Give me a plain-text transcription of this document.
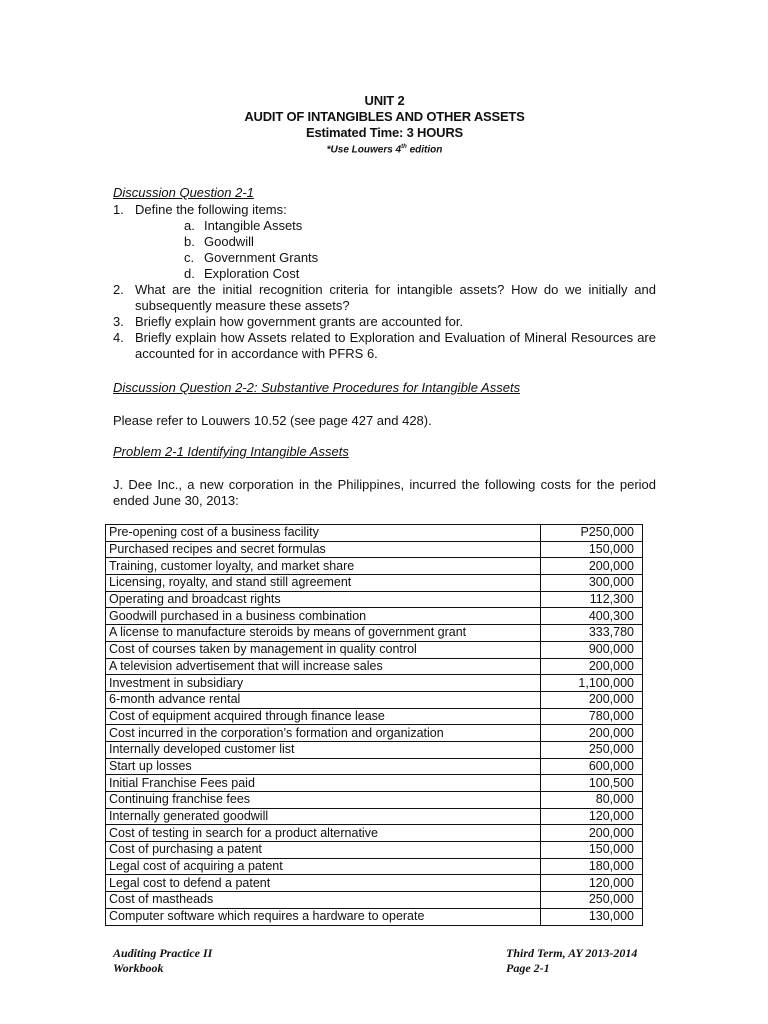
UNIT 2
AUDIT OF INTANGIBLES AND OTHER ASSETS
Estimated Time: 3 HOURS
*Use Louwers 4th edition
Discussion Question 2-1
1. Define the following items:
a. Intangible Assets
b. Goodwill
c. Government Grants
d. Exploration Cost
2. What are the initial recognition criteria for intangible assets? How do we initially and subsequently measure these assets?
3. Briefly explain how government grants are accounted for.
4. Briefly explain how Assets related to Exploration and Evaluation of Mineral Resources are accounted for in accordance with PFRS 6.
Discussion Question 2-2: Substantive Procedures for Intangible Assets
Please refer to Louwers 10.52 (see page 427 and 428).
Problem 2-1 Identifying Intangible Assets
J. Dee Inc., a new corporation in the Philippines, incurred the following costs for the period ended June 30, 2013:
Pre-opening cost of a business facility	P250,000
Purchased recipes and secret formulas	150,000
Training, customer loyalty, and market share	200,000
Licensing, royalty, and stand still agreement	300,000
Operating and broadcast rights	112,300
Goodwill purchased in a business combination	400,300
A license to manufacture steroids by means of government grant	333,780
Cost of courses taken by management in quality control	900,000
A television advertisement that will increase sales	200,000
Investment in subsidiary	1,100,000
6-month advance rental	200,000
Cost of equipment acquired through finance lease	780,000
Cost incurred in the corporation’s formation and organization	200,000
Internally developed customer list	250,000
Start up losses	600,000
Initial Franchise Fees paid	100,500
Continuing franchise fees	80,000
Internally generated goodwill	120,000
Cost of testing in search for a product alternative	200,000
Cost of purchasing a patent	150,000
Legal cost of acquiring a patent	180,000
Legal cost to defend a patent	120,000
Cost of mastheads	250,000
Computer software which requires a hardware to operate	130,000
Auditing Practice II
Workbook
Third Term, AY 2013-2014
Page 2-1
